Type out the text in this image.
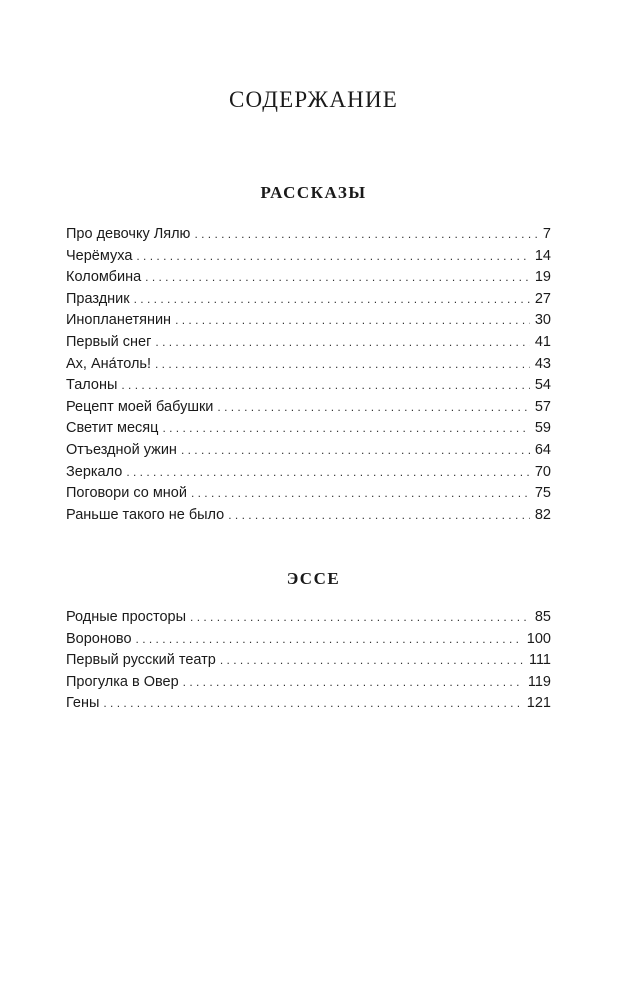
СОДЕРЖАНИЕ
РАССКАЗЫ
Про девочку Лялю . . .	7
Черёмуха . . .	14
Коломбина . . .	19
Праздник . . .	27
Инопланетянин . . .	30
Первый снег . . .	41
Ах, Ана́толь! . . .	43
Талоны . . .	54
Рецепт моей бабушки . . .	57
Светит месяц . . .	59
Отъездной ужин . . .	64
Зеркало . . .	70
Поговори со мной . . .	75
Раньше такого не было . . .	82
ЭССЕ
Родные просторы . . .	85
Вороново . . .	100
Первый русский театр . . .	111
Прогулка в Овер . . .	119
Гены . . .	121
